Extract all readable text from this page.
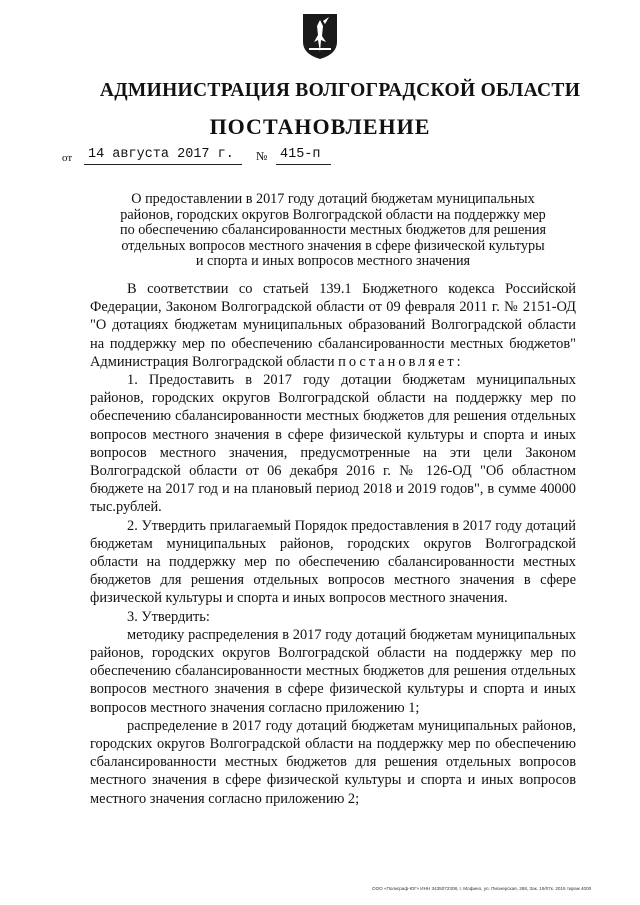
АДМИНИСТРАЦИЯ ВОЛГОГРАДСКОЙ ОБЛАСТИ
ПОСТАНОВЛЕНИЕ
от 14 августа 2017 г. № 415-п
О предоставлении в 2017 году дотаций бюджетам муниципальных
районов, городских округов Волгоградской области на поддержку мер
по обеспечению сбалансированности местных бюджетов для решения
отдельных вопросов местного значения в сфере физической культуры
и спорта и иных вопросов местного значения

В соответствии со статьей 139.1 Бюджетного кодекса Российской Федерации, Законом Волгоградской области от 09 февраля 2011 г. № 2151-ОД "О дотациях бюджетам муниципальных образований Волгоградской области на поддержку мер по обеспечению сбалансированности местных бюджетов" Администрация Волгоградской области постановляет:

1. Предоставить в 2017 году дотации бюджетам муниципальных районов, городских округов Волгоградской области на поддержку мер по обеспечению сбалансированности местных бюджетов для решения отдельных вопросов местного значения в сфере физической культуры и спорта и иных вопросов местного значения, предусмотренные на эти цели Законом Волгоградской области от 06 декабря 2016 г. № 126-ОД "Об областном бюджете на 2017 год и на плановый период 2018 и 2019 годов", в сумме 40000 тыс.рублей.

2. Утвердить прилагаемый Порядок предоставления в 2017 году дотаций бюджетам муниципальных районов, городских округов Волгоградской области на поддержку мер по обеспечению сбалансированности местных бюджетов для решения отдельных вопросов местного значения в сфере физической культуры и спорта и иных вопросов местного значения.

3. Утвердить:

методику распределения в 2017 году дотаций бюджетам муниципальных районов, городских округов Волгоградской области на поддержку мер по обеспечению сбалансированности местных бюджетов для решения отдельных вопросов местного значения в сфере физической культуры и спорта и иных вопросов местного значения согласно приложению 1;

распределение в 2017 году дотаций бюджетам муниципальных районов, городских округов Волгоградской области на поддержку мер по обеспечению сбалансированности местных бюджетов для решения отдельных вопросов местного значения в сфере физической культуры и спорта и иных вопросов местного значения согласно приложению 2;

ООО «Полиграф-ЮГ» ИНН 3435072308, г. Мофино, ул. Пионерская, 268, Зак. 19/07к. 2015 тираж 4000
